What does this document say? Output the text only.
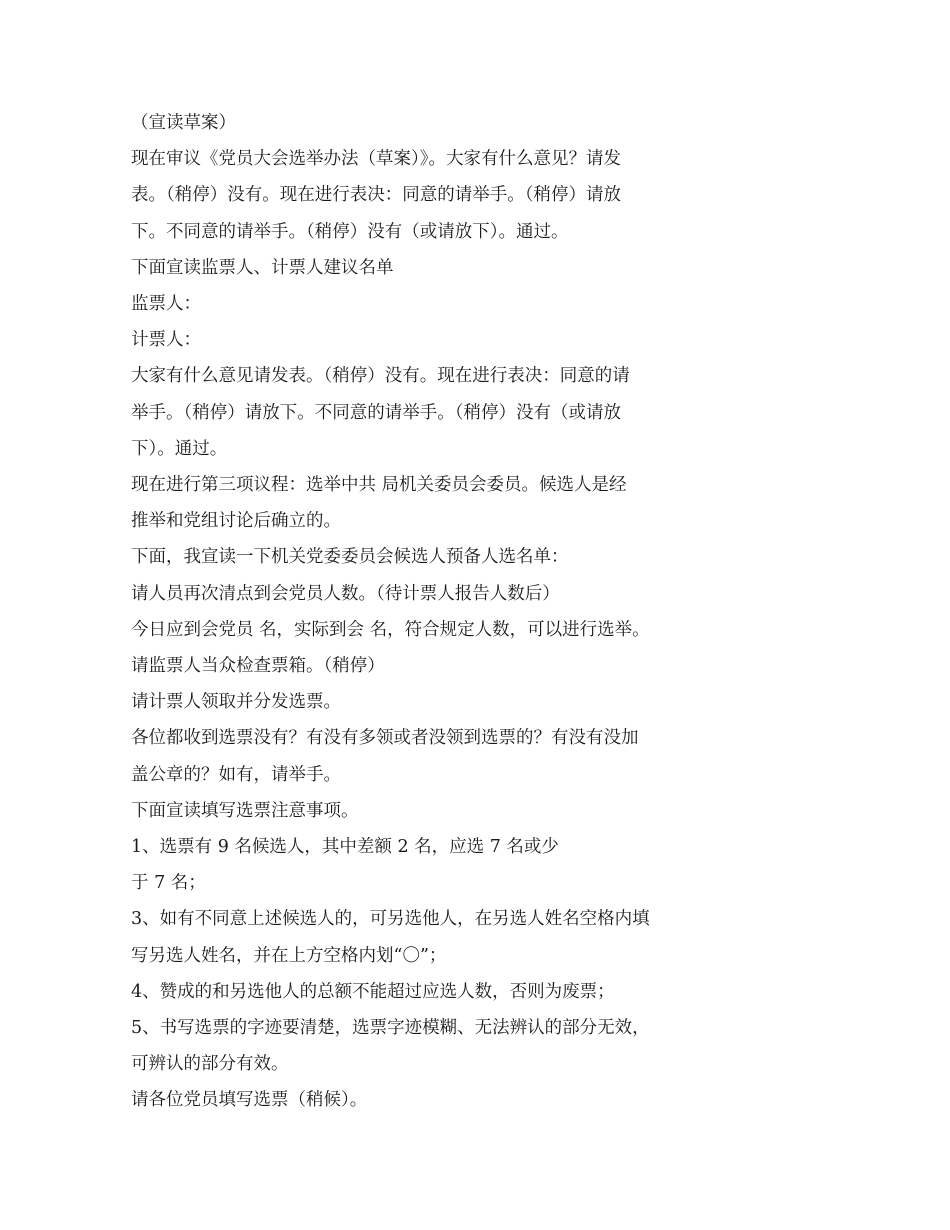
（宣读草案）

现在审议《党员大会选举办法（草案）》。大家有什么意见？请发

表。（稍停）没有。现在进行表决：同意的请举手。（稍停）请放

下。不同意的请举手。（稍停）没有（或请放下）。通过。

下面宣读监票人、计票人建议名单

监票人：

计票人：

大家有什么意见请发表。（稍停）没有。现在进行表决：同意的请

举手。（稍停）请放下。不同意的请举手。（稍停）没有（或请放

下）。通过。

现在进行第三项议程：选举中共 局机关委员会委员。候选人是经

推举和党组讨论后确立的。

下面，我宣读一下机关党委委员会候选人预备人选名单：

请人员再次清点到会党员人数。（待计票人报告人数后）

今日应到会党员 名，实际到会 名，符合规定人数，可以进行选举。

请监票人当众检查票箱。（稍停）

请计票人领取并分发选票。

各位都收到选票没有？有没有多领或者没领到选票的？有没有没加

盖公章的？如有，请举手。

下面宣读填写选票注意事项。

1、选票有 9 名候选人，其中差额 2 名，应选 7 名或少

于 7 名；

3、如有不同意上述候选人的，可另选他人，在另选人姓名空格内填

写另选人姓名，并在上方空格内划“〇”；

4、赞成的和另选他人的总额不能超过应选人数，否则为废票；

5、书写选票的字迹要清楚，选票字迹模糊、无法辨认的部分无效，

可辨认的部分有效。

请各位党员填写选票（稍候）。
